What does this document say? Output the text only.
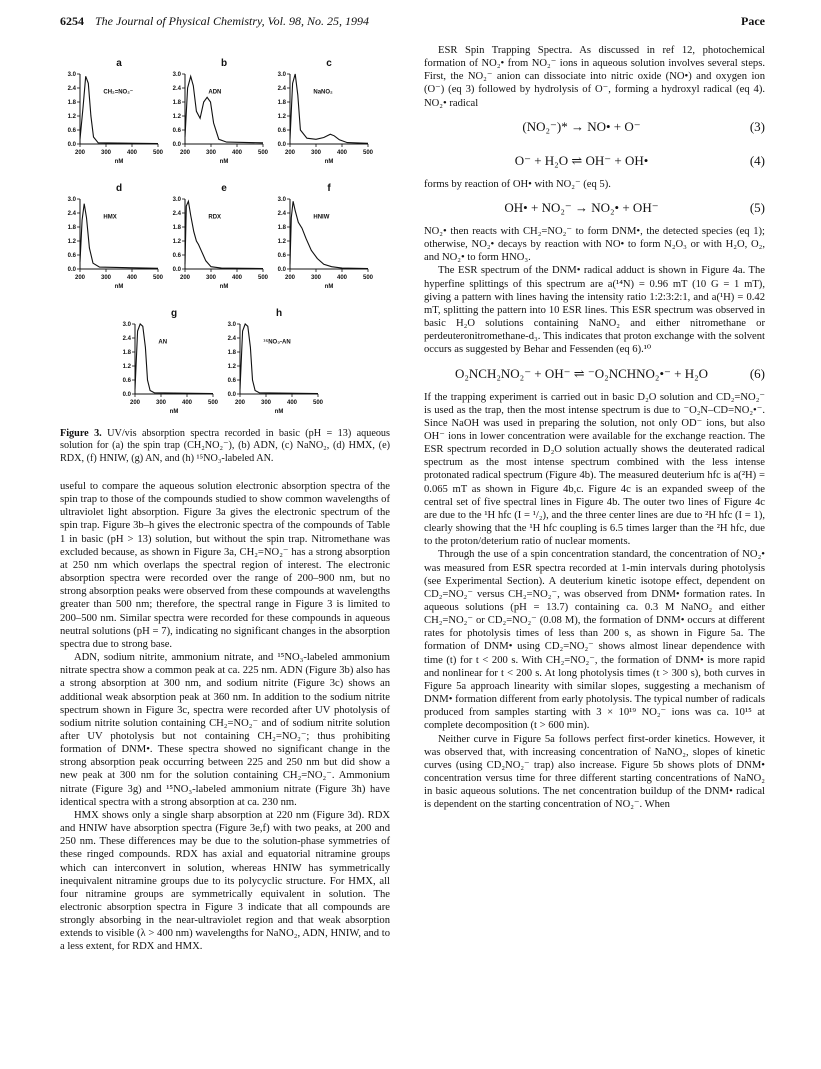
6254 The Journal of Physical Chemistry, Vol. 98, No. 25, 1994	Pace
a
3.0
2.4
1.8
1.2
0.6
0.0
200	300	400	500
nM
CH₂=NO₂⁻
b
3.0
2.4
1.8
1.2
0.6
0.0
200	300	400	500
nM
ADN
c
3.0
2.4
1.8
1.2
0.6
0.0
200	300	400	500
nM
NaNO₂
d
3.0
2.4
1.8
1.2
0.6
0.0
200	300	400	500
nM
HMX
e
3.0
2.4
1.8
1.2
0.6
0.0
200	300	400	500
nM
RDX
f
3.0
2.4
1.8
1.2
0.6
0.0
200	300	400	500
nM
HNIW
g
3.0
2.4
1.8
1.2
0.6
0.0
200	300	400	500
nM
AN
h
3.0
2.4
1.8
1.2
0.6
0.0
200	300	400	500
nM
¹⁵NO₃-AN
Figure 3. UV/vis absorption spectra recorded in basic (pH = 13) aqueous solution for (a) the spin trap (CH₂NO₂⁻), (b) ADN, (c) NaNO₂, (d) HMX, (e) RDX, (f) HNIW, (g) AN, and (h) ¹⁵NO₃-labeled AN.

useful to compare the aqueous solution electronic absorption spectra of the spin trap to those of the compounds studied to show common wavelengths of ultraviolet light absorption. Figure 3a gives the electronic spectrum of the spin trap. Figure 3b–h gives the electronic spectra of the compounds of Table 1 in basic (pH > 13) solution, but without the spin trap. Nitromethane was excluded because, as shown in Figure 3a, CH₂=NO₂⁻ has a strong absorption at 250 nm which overlaps the spectral region of interest. The electronic absorption spectra were recorded over the range of 200–900 nm, but no strong absorption peaks were observed from these compounds at wavelengths greater than 500 nm; therefore, the spectral range in Figure 3 is limited to 200–500 nm. Similar spectra were recorded for these compounds in aqueous neutral solutions (pH = 7), indicating no significant changes in the absorption spectra due to strong base.

ADN, sodium nitrite, ammonium nitrate, and ¹⁵NO₃-labeled ammonium nitrate spectra show a common peak at ca. 225 nm. ADN (Figure 3b) also has a strong absorption at 300 nm, and sodium nitrite (Figure 3c) shows an additional weak absorption peak at 360 nm. In addition to the sodium nitrite spectrum shown in Figure 3c, spectra were recorded after UV photolysis of sodium nitrite solution containing CH₂=NO₂⁻ and of sodium nitrite solution after UV photolysis but not containing CH₂=NO₂⁻; thus prohibiting formation of DNM•. These spectra showed no significant change in the strong absorption peak occurring between 225 and 250 nm but did show a new peak at 300 nm for the solution containing CH₂=NO₂⁻. Ammonium nitrate (Figure 3g) and ¹⁵NO₃-labeled ammonium nitrate (Figure 3h) have identical spectra with a strong absorption at ca. 230 nm.

HMX shows only a single sharp absorption at 220 nm (Figure 3d). RDX and HNIW have absorption spectra (Figure 3e,f) with two peaks, at 200 and 250 nm. These differences may be due to the solution-phase symmetries of these ringed compounds. RDX has axial and equatorial nitramine groups which can interconvert in solution, whereas HNIW has symmetrically inequivalent nitramine groups due to its polycyclic structure. For HMX, all four nitramine groups are symmetrically equivalent in solution. The electronic absorption spectra in Figure 3 indicate that all compounds are strongly absorbing in the near-ultraviolet region and that weak absorption extends to visible (λ > 400 nm) wavelengths for NaNO₂, ADN, HNIW, and to a less extent, for RDX and HMX.

ESR Spin Trapping Spectra. As discussed in ref 12, photochemical formation of NO₂• from NO₂⁻ ions in aqueous solution involves several steps. First, the NO₂⁻ anion can dissociate into nitric oxide (NO•) and oxygen ion (O⁻) (eq 3) followed by hydrolysis of O⁻, forming a hydroxyl radical (eq 4). NO₂• radical

(NO₂⁻)* → NO• + O⁻	(3)
O⁻ + H₂O ⇌ OH⁻ + OH•	(4)

forms by reaction of OH• with NO₂⁻ (eq 5).

OH• + NO₂⁻ → NO₂• + OH⁻	(5)

NO₂• then reacts with CH₂=NO₂⁻ to form DNM•, the detected species (eq 1); otherwise, NO₂• decays by reaction with NO• to form N₂O₃ or with H₂O, O₂, and NO₂• to form HNO₃.

The ESR spectrum of the DNM• radical adduct is shown in Figure 4a. The hyperfine splittings of this spectrum are a(¹⁴N) = 0.96 mT (10 G = 1 mT), giving a pattern with lines having the intensity ratio 1:2:3:2:1, and a(¹H) = 0.42 mT, splitting the pattern into 10 ESR lines. This ESR spectrum was observed in basic H₂O solutions containing NaNO₂ and either nitromethane or perdeuteronitromethane-d₃. This indicates that proton exchange with the solvent occurs as suggested by Behar and Fessenden (eq 6).¹⁰

O₂NCH₂NO₂⁻ + OH⁻ ⇌ ⁻O₂NCHNO₂•⁻ + H₂O	(6)

If the trapping experiment is carried out in basic D₂O solution and CD₂=NO₂⁻ is used as the trap, then the most intense spectrum is due to ⁻O₂N–CD=NO₂•⁻. Since NaOH was used in preparing the solution, not only OD⁻ ions, but also OH⁻ ions in lower concentration were available for the exchange reaction. The ESR spectrum recorded in D₂O solution actually shows the deuterated radical spectrum as the most intense spectrum combined with the less intense protonated radical spectrum (Figure 4b). The measured deuterium hfc is a(²H) = 0.065 mT as shown in Figure 4b,c. Figure 4c is an expanded sweep of the central set of five spectral lines in Figure 4b. The outer two lines of Figure 4c are due to the ¹H hfc (I = ¹/₂), and the three center lines are due to ²H hfc (I = 1), clearly showing that the ¹H hfc coupling is 6.5 times larger than the ²H hfc, due to the proton/deterium ratio of nuclear moments.

Through the use of a spin concentration standard, the concentration of NO₂• was measured from ESR spectra recorded at 1-min intervals during photolysis (see Experimental Section). A deuterium kinetic isotope effect, dependent on CD₂=NO₂⁻ versus CH₂=NO₂⁻, was observed from DNM• formation rates. In aqueous solutions (pH = 13.7) containing ca. 0.3 M NaNO₂ and either CH₂=NO₂⁻ or CD₂=NO₂⁻ (0.08 M), the formation of DNM• occurs at different rates for photolysis times of less than 200 s, as shown in Figure 5a. The formation of DNM• using CD₂=NO₂⁻ shows almost linear dependence with time (t) for t < 200 s. With CH₂=NO₂⁻, the formation of DNM• is more rapid and nonlinear for t < 200 s. At long photolysis times (t > 300 s), both curves in Figure 5a approach linearity with similar slopes, suggesting a mechanism of DNM• formation different from early photolysis. The typical number of radicals produced from samples starting with 3 × 10¹⁹ NO₂⁻ ions was ca. 10¹⁵ at complete decomposition (t > 600 min).

Neither curve in Figure 5a follows perfect first-order kinetics. However, it was observed that, with increasing concentration of NaNO₂, slopes of kinetic curves (using CD₂NO₂⁻ trap) also increase. Figure 5b shows plots of DNM• concentration versus time for three different starting concentrations of NaNO₂ in basic aqueous solutions. The net concentration buildup of the DNM• radical is dependent on the starting concentration of NO₂⁻. When
